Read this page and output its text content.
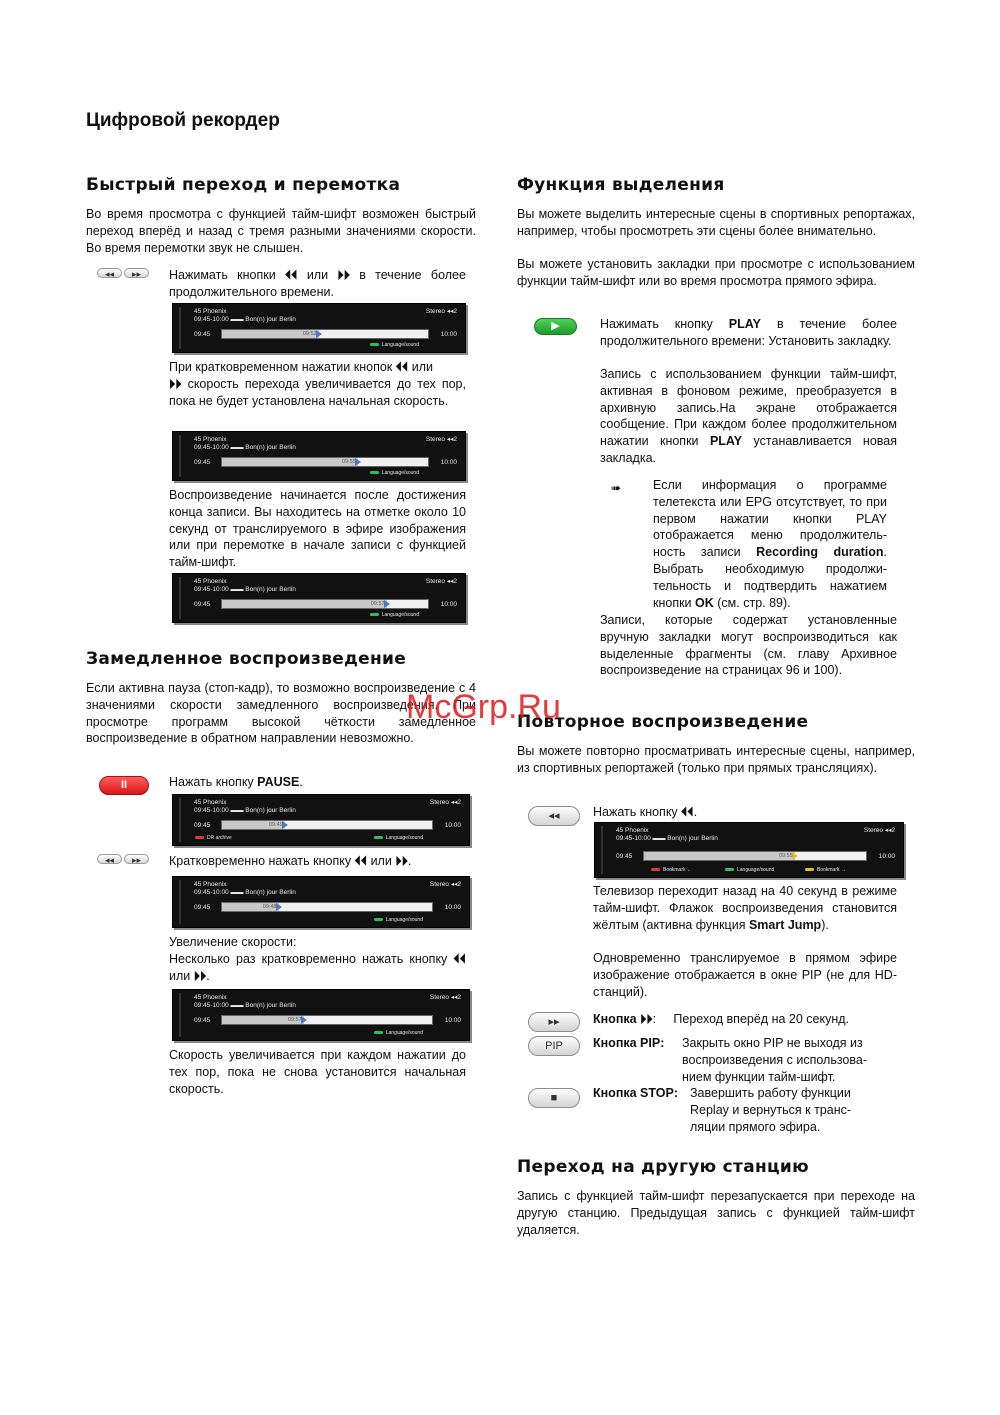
Цифровой рекордер
Быстрый переход и перемотка
Во время просмотра с функцией тайм-шифт возможен быстрый переход вперёд и назад с тремя разными значениями скорости. Во время перемотки звук не слышен.
◂◂	▸▸	Нажимать кнопки ⏴⏴ или ⏵⏵ в течение более продолжительного времени.
45 Phoenix
09:45-10:00 ▬▬ Bon(n) jour Berlin
Stereo ◂◂2
09:45	09:52	10:00
Language/sound
При кратковременном нажатии кнопок ⏴⏴ или
⏵⏵ скорость перехода увеличивается до тех пор, пока не будет установлена начальная скорость.
45 Phoenix
09:45-10:00 ▬▬ Bon(n) jour Berlin
Stereo ◂◂2
09:45	09:55	10:00
Language/sound
Воспроизведение начинается после достижения конца записи. Вы находитесь на отметке около 10 секунд от транслируемого в эфире изображения или при перемотке в начале записи с функцией тайм-шифт.
45 Phoenix
09:45-10:00 ▬▬ Bon(n) jour Berlin
Stereo ◂◂2
09:45	09:57	10:00
Language/sound
Замедленное воспроизведение
Если активна пауза (стоп-кадр), то возможно воспроизведение с 4 значениями скорости замедленного воспроизведения. При просмотре программ высокой чёткости замедленное воспроизведение в обратном направлении невозможно.
II	Нажать кнопку PAUSE.
45 Phoenix
09:45-10:00 ▬▬ Bon(n) jour Berlin
Stereo ◂◂2
09:45	09:49	10:00
DR archive	Language/sound
◂◂	▸▸	Кратковременно нажать кнопку ⏴⏴ или ⏵⏵.
45 Phoenix
09:45-10:00 ▬▬ Bon(n) jour Berlin
Stereo ◂◂2
09:45	09:48	10:00
Language/sound
Увеличение скорости:
Несколько раз кратковременно нажать кнопку ⏴⏴ или ⏵⏵.
45 Phoenix
09:45-10:00 ▬▬ Bon(n) jour Berlin
Stereo ◂◂2
09:45	09:57	10:00
Language/sound
Скорость увеличивается при каждом нажатии до тех пор, пока не снова установится начальная скорость.
Функция выделения
Вы можете выделить интересные сцены в спортивных репортажах, например, чтобы просмотреть эти сцены более внимательно.
Вы можете установить закладки при просмотре с использованием функции тайм-шифт или во время просмотра прямого эфира.
▶	Нажимать кнопку PLAY в течение более продолжительного времени: Установить закладку.
Запись с использованием функции тайм-шифт, активная в фоновом режиме, преобразуется в архивную запись.На экране отображается сообщение. При каждом более продолжительном нажатии кнопки PLAY устанавливается новая закладка.
➠	Если информация о программе телетекста или EPG отсутствует, то при первом нажатии кнопки PLAY отображается меню продолжитель-ность записи Recording duration. Выбрать необходимую продолжи-тельность и подтвердить нажатием кнопки OK (см. стр. 89).
Записи, которые содержат установленные вручную закладки могут воспроизводиться как выделенные фрагменты (см. главу Архивное воспроизведение на страницах 96 и 100).
Повторное воспроизведение
Вы можете повторно просматривать интересные сцены, например, из спортивных репортажей (только при прямых трансляциях).
◂◂	Нажать кнопку ⏴⏴.
45 Phoenix
09:45-10:00 ▬▬ Bon(n) jour Berlin
Stereo ◂◂2
09:45	09:55	10:00
Bookmark ←	Language/sound	Bookmark →
Телевизор переходит назад на 40 секунд в режиме тайм-шифт. Флажок воспроизведения становится жёлтым (активна функция Smart Jump).
Одновременно транслируемое в прямом эфире изображение отображается в окне PIP (не для HD-станций).
▸▸	Кнопка ⏵⏵:     Переход вперёд на 20 секунд.
PIP	Кнопка PIP: Закрыть окно PIP не выходя из воспроизведения с использова-нием функции тайм-шифт.
■	Кнопка STOP: Завершить работу функции Replay и вернуться к транс-ляции прямого эфира.
Переход на другую станцию
Запись с функцией тайм-шифт перезапускается при переходе на другую станцию. Предыдущая запись с функцией тайм-шифт удаляется.
McGrp.Ru
